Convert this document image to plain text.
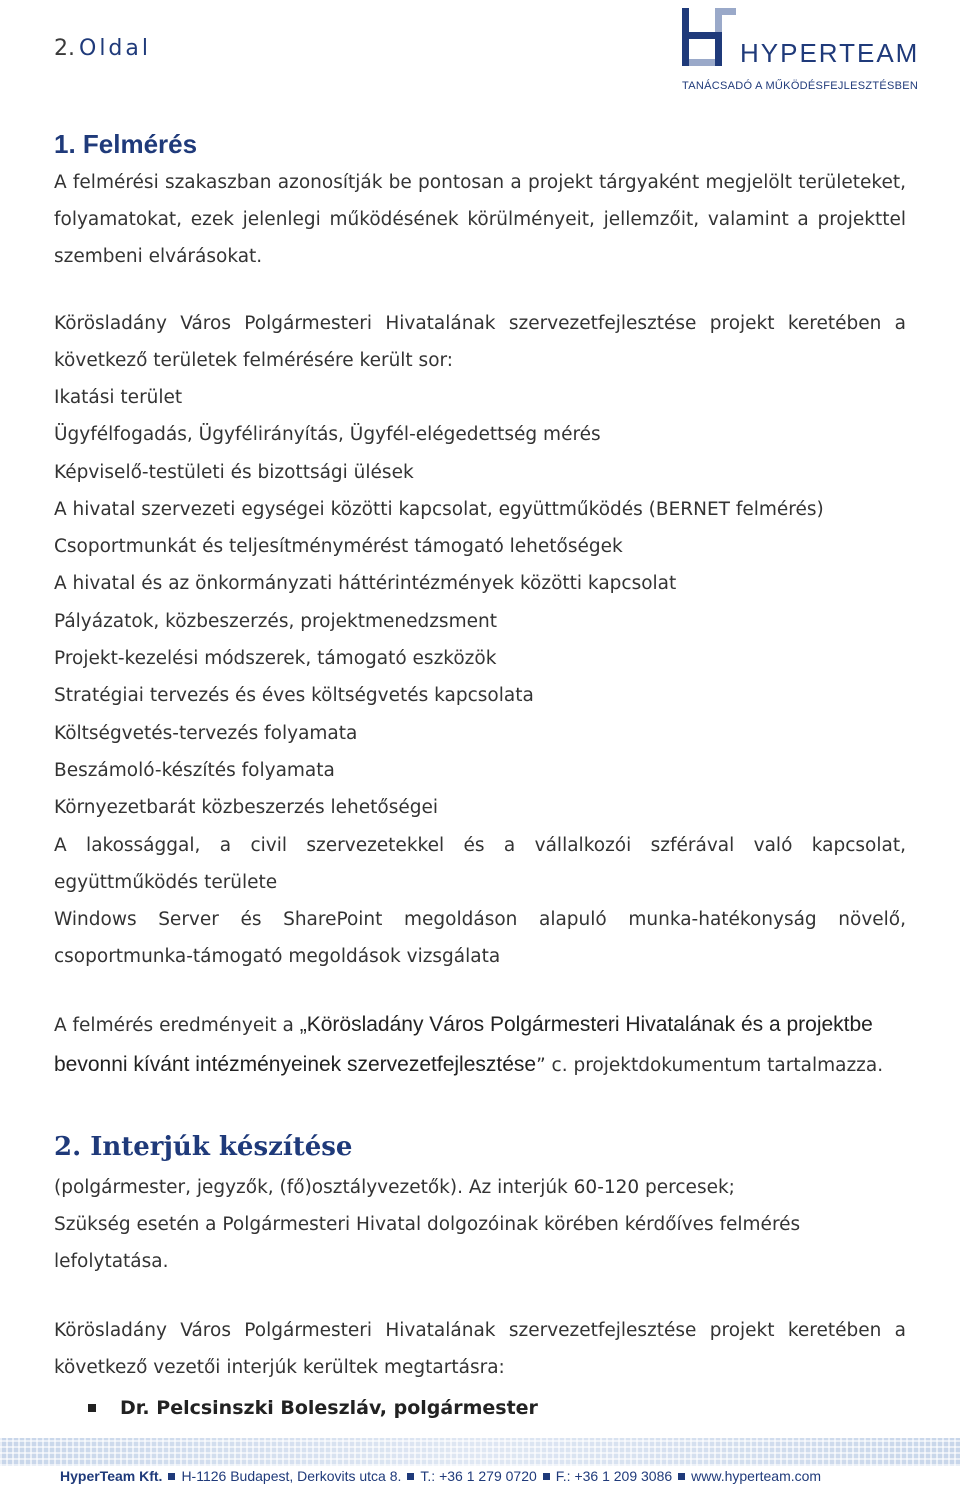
2. Oldal	HYPERTEAM
TANÁCSADÓ A MŰKÖDÉSFEJLESZTÉSBEN
1. Felmérés

A felmérési szakaszban azonosítják be pontosan a projekt tárgyaként megjelölt területeket, folyamatokat, ezek jelenlegi működésének körülményeit, jellemzőit, valamint a projekttel szembeni elvárásokat.

Körösladány Város Polgármesteri Hivatalának szervezetfejlesztése projekt keretében a következő területek felmérésére került sor:

Ikatási terület
Ügyfélfogadás, Ügyfélirányítás, Ügyfél-elégedettség mérés
Képviselő-testületi és bizottsági ülések
A hivatal szervezeti egységei közötti kapcsolat, együttműködés (BERNET felmérés)
Csoportmunkát és teljesítménymérést támogató lehetőségek
A hivatal és az önkormányzati háttérintézmények közötti kapcsolat
Pályázatok, közbeszerzés, projektmenedzsment
Projekt-kezelési módszerek, támogató eszközök
Stratégiai tervezés és éves költségvetés kapcsolata
Költségvetés-tervezés folyamata
Beszámoló-készítés folyamata
Környezetbarát közbeszerzés lehetőségei

A lakossággal, a civil szervezetekkel és a vállalkozói szférával való kapcsolat, együttműködés területe

Windows Server és SharePoint megoldáson alapuló munka-hatékonyság növelő,

csoportmunka-támogató megoldások vizsgálata

A felmérés eredményeit a „Körösladány Város Polgármesteri Hivatalának és a projektbe bevonni kívánt intézményeinek szervezetfejlesztése” c. projektdokumentum tartalmazza.
2. Interjúk készítése

(polgármester, jegyzők, (fő)osztályvezetők). Az interjúk 60-120 percesek;

Szükség esetén a Polgármesteri Hivatal dolgozóinak körében kérdőíves felmérés lefolytatása.

Körösladány Város Polgármesteri Hivatalának szervezetfejlesztése projekt keretében a következő vezetői interjúk kerültek megtartásra:

Dr. Pelcsinszki Boleszláv, polgármester
HyperTeam Kft. H-1126 Budapest, Derkovits utca 8. T.: +36 1 279 0720 F.: +36 1 209 3086 www.hyperteam.com
